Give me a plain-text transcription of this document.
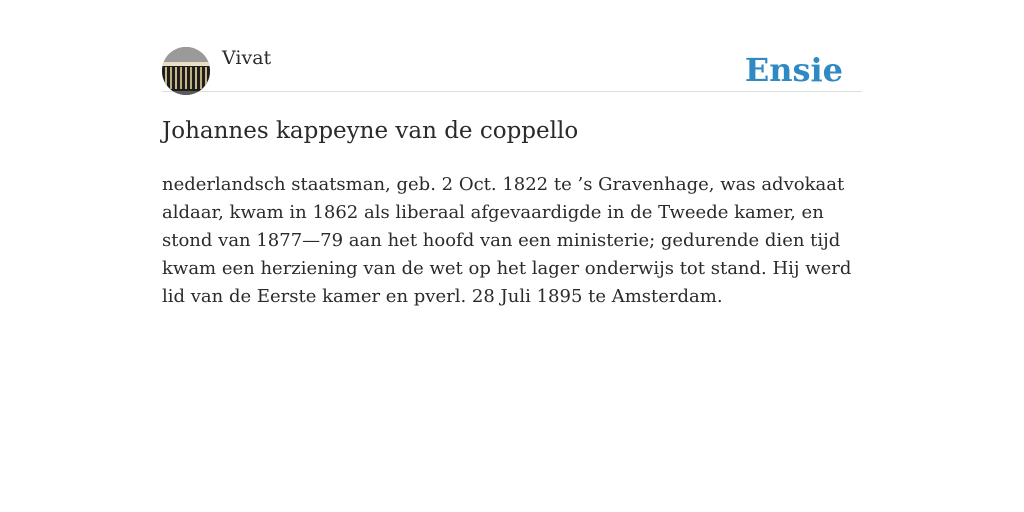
Vivat	Ensie
Johannes kappeyne van de coppello

nederlandsch staatsman, geb. 2 Oct. 1822 te ’s Gravenhage, was advokaat aldaar, kwam in 1862 als liberaal afgevaardigde in de Tweede kamer, en stond van 1877—79 aan het hoofd van een ministerie; gedurende dien tijd kwam een herziening van de wet op het lager onderwijs tot stand. Hij werd lid van de Eerste kamer en pverl. 28 Juli 1895 te Amsterdam.
